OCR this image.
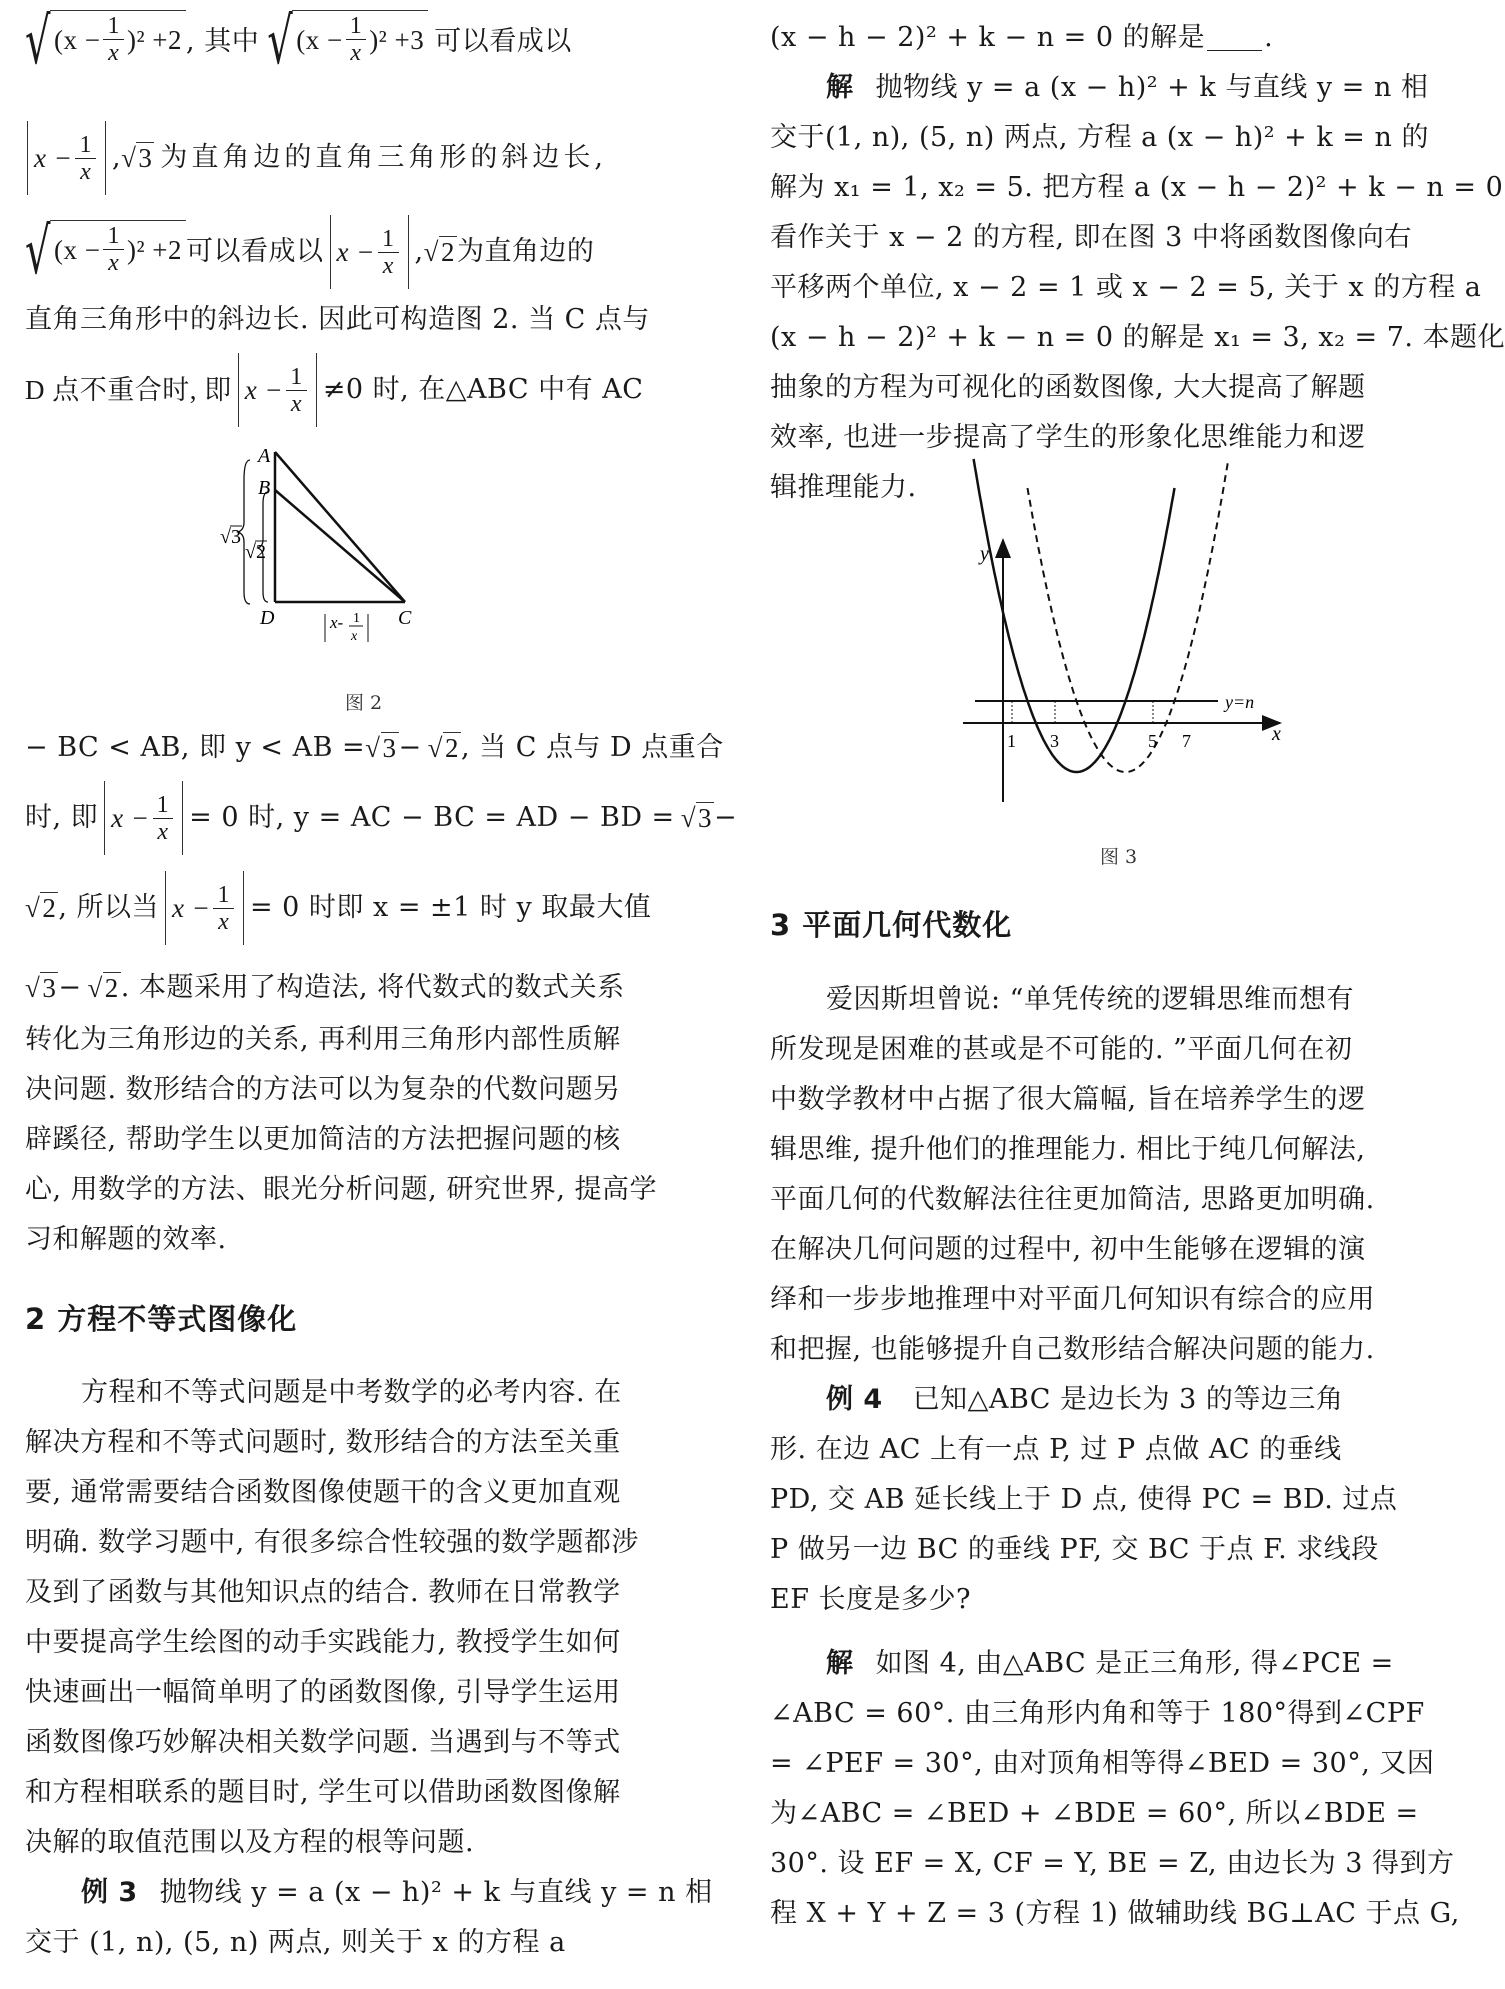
√ $(x - \frac{1}{x} )^2 +2$ , 其中 √ $(x - \frac{1}{x} )^2 +3$ 可以看成以
$x - \frac{1}{x}$ , √3 为直角边的直角三角形的斜边长,
√ $(x - \frac{1}{x} )^2 +2$ 可以看成以 $x - \frac{1}{x}$ , √2 为直角边的
直角三角形中的斜边长. 因此可构造图 2. 当 C 点与
D 点不重合时, 即 $x - \frac{1}{x} \ne 0$ 时, 在△ABC 中有 AC
A
B
D	C
√3
√2
x- 1
x
图 2
− BC < AB, 即 y < AB = √3 − √2 , 当 C 点与 D 点重合
时, 即 $x - \frac{1}{x} = 0$ 时, y = AC − BC = AD − BD = √3 −
√2 , 所以当 $x - \frac{1}{x} = 0$ 时即 x = ±1 时 y 取最大值
√3 − √2 . 本题采用了构造法, 将代数式的数式关系
转化为三角形边的关系, 再利用三角形内部性质解
决问题. 数形结合的方法可以为复杂的代数问题另
辟蹊径, 帮助学生以更加简洁的方法把握问题的核
心, 用数学的方法、眼光分析问题, 研究世界, 提高学
习和解题的效率.
2 方程不等式图像化
方程和不等式问题是中考数学的必考内容. 在
解决方程和不等式问题时, 数形结合的方法至关重
要, 通常需要结合函数图像使题干的含义更加直观
明确. 数学习题中, 有很多综合性较强的数学题都涉
及到了函数与其他知识点的结合. 教师在日常教学
中要提高学生绘图的动手实践能力, 教授学生如何
快速画出一幅简单明了的函数图像, 引导学生运用
函数图像巧妙解决相关数学问题. 当遇到与不等式
和方程相联系的题目时, 学生可以借助函数图像解
决解的取值范围以及方程的根等问题.
例 3 抛物线 y = a (x − h)² + k 与直线 y = n 相
交于 (1, n), (5, n) 两点, 则关于 x 的方程 a
(x − h − 2)² + k − n = 0 的解是 .
解 抛物线 y = a (x − h)² + k 与直线 y = n 相
交于(1, n), (5, n) 两点, 方程 a (x − h)² + k = n 的
解为 x₁ = 1, x₂ = 5. 把方程 a (x − h − 2)² + k − n = 0
看作关于 x − 2 的方程, 即在图 3 中将函数图像向右
平移两个单位, x − 2 = 1 或 x − 2 = 5, 关于 x 的方程 a
(x − h − 2)² + k − n = 0 的解是 x₁ = 3, x₂ = 7. 本题化
抽象的方程为可视化的函数图像, 大大提高了解题
效率, 也进一步提高了学生的形象化思维能力和逻
辑推理能力.
y
x
y=n
1 3	5 7
图 3
3 平面几何代数化
爱因斯坦曾说: “单凭传统的逻辑思维而想有
所发现是困难的甚或是不可能的. ”平面几何在初
中数学教材中占据了很大篇幅, 旨在培养学生的逻
辑思维, 提升他们的推理能力. 相比于纯几何解法,
平面几何的代数解法往往更加简洁, 思路更加明确.
在解决几何问题的过程中, 初中生能够在逻辑的演
绎和一步步地推理中对平面几何知识有综合的应用
和把握, 也能够提升自己数形结合解决问题的能力.
例 4 已知△ABC 是边长为 3 的等边三角
形. 在边 AC 上有一点 P, 过 P 点做 AC 的垂线
PD, 交 AB 延长线上于 D 点, 使得 PC = BD. 过点
P 做另一边 BC 的垂线 PF, 交 BC 于点 F. 求线段
EF 长度是多少?
解 如图 4, 由△ABC 是正三角形, 得∠PCE =
∠ABC = 60°. 由三角形内角和等于 180°得到∠CPF
= ∠PEF = 30°, 由对顶角相等得∠BED = 30°, 又因
为∠ABC = ∠BED + ∠BDE = 60°, 所以∠BDE =
30°. 设 EF = X, CF = Y, BE = Z, 由边长为 3 得到方
程 X + Y + Z = 3 (方程 1) 做辅助线 BG⊥AC 于点 G,
